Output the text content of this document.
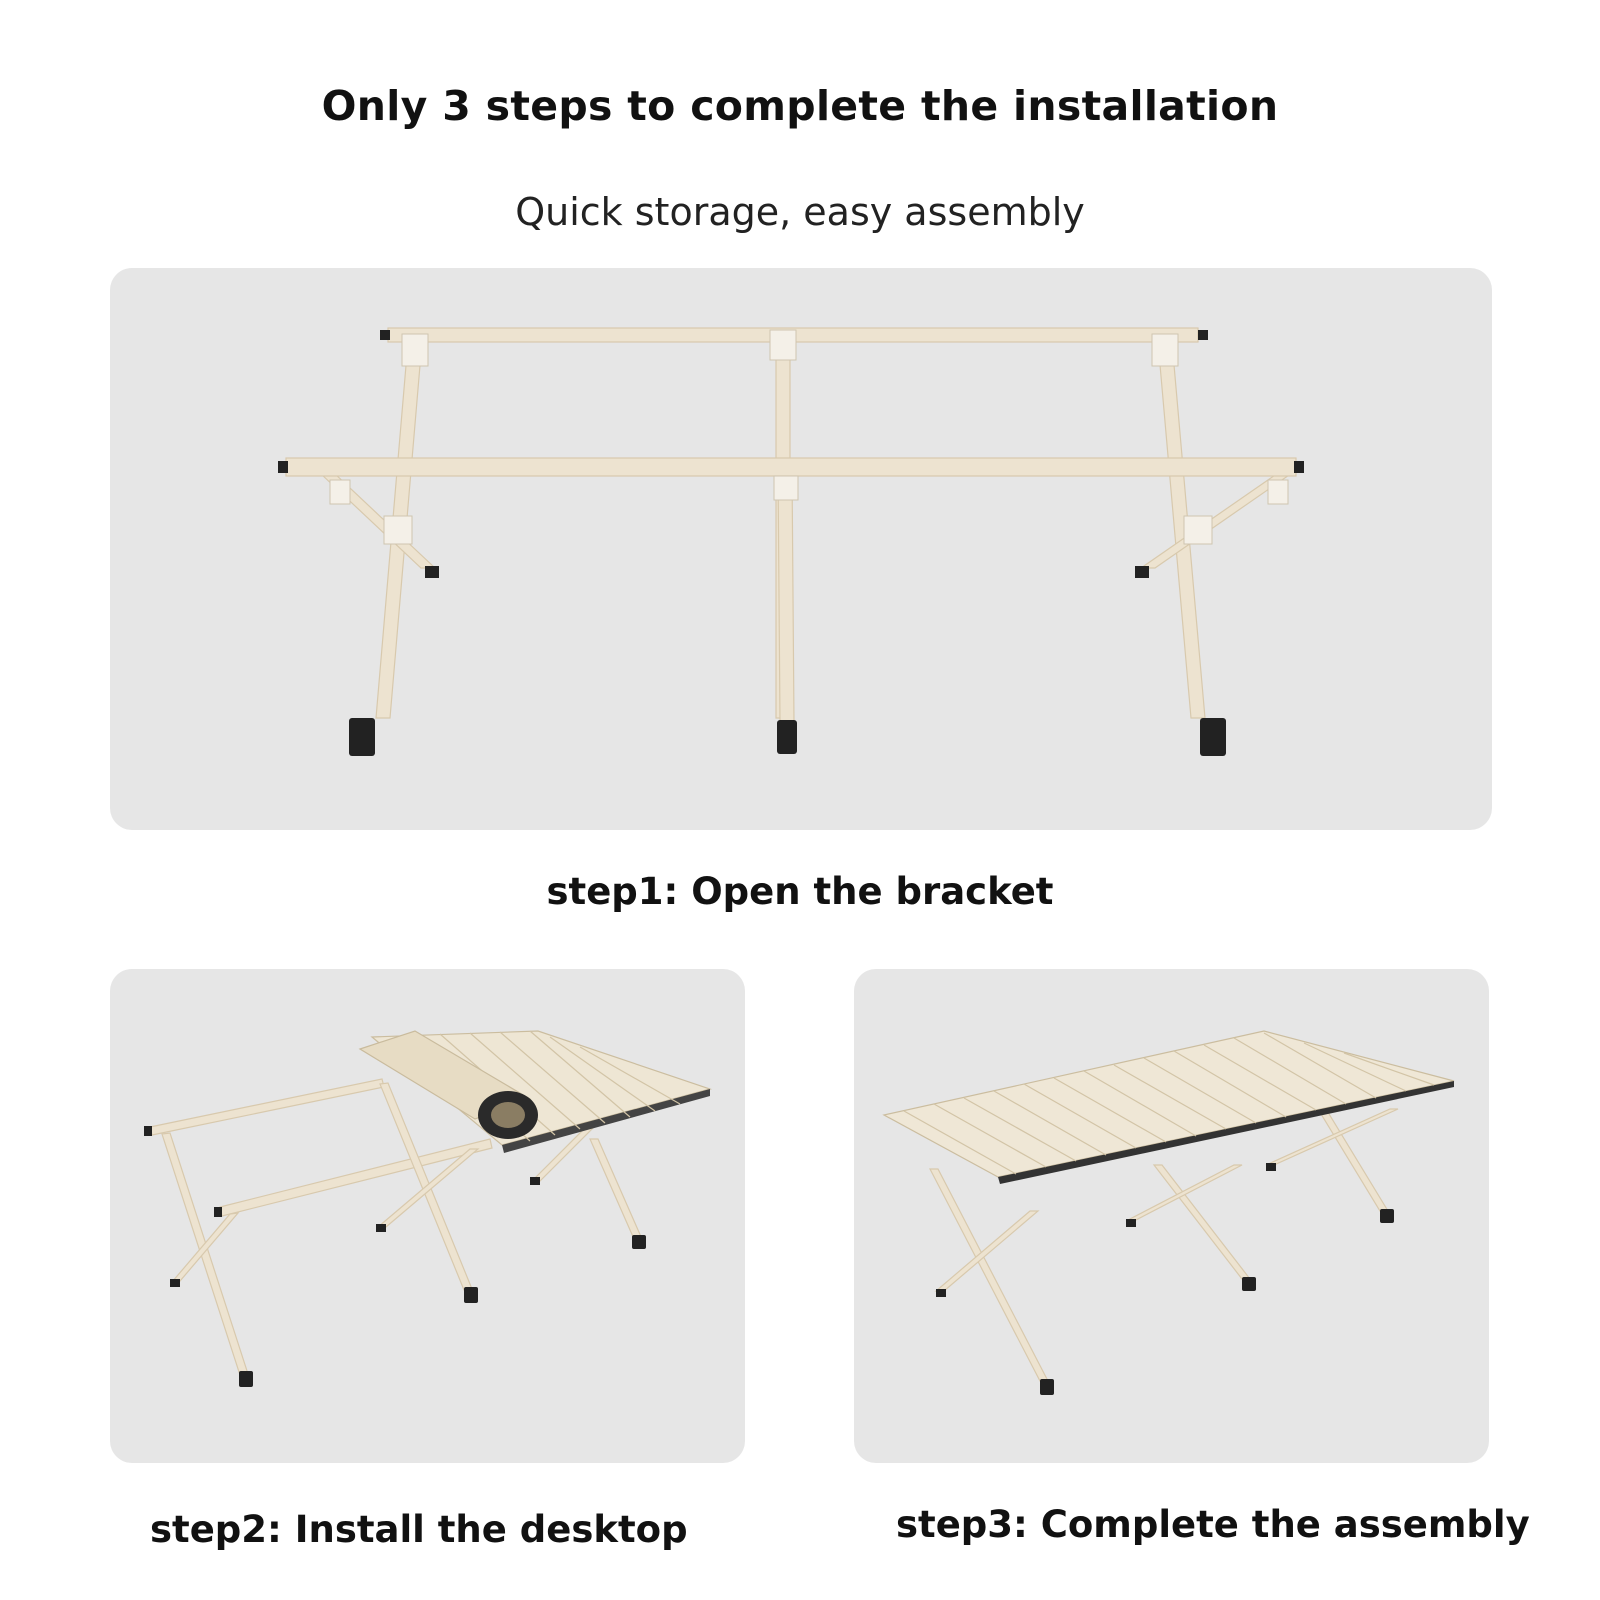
Only 3 steps to complete the installation
Quick storage, easy assembly
step1: Open the bracket
step2: Install the desktop	step3: Complete the assembly
